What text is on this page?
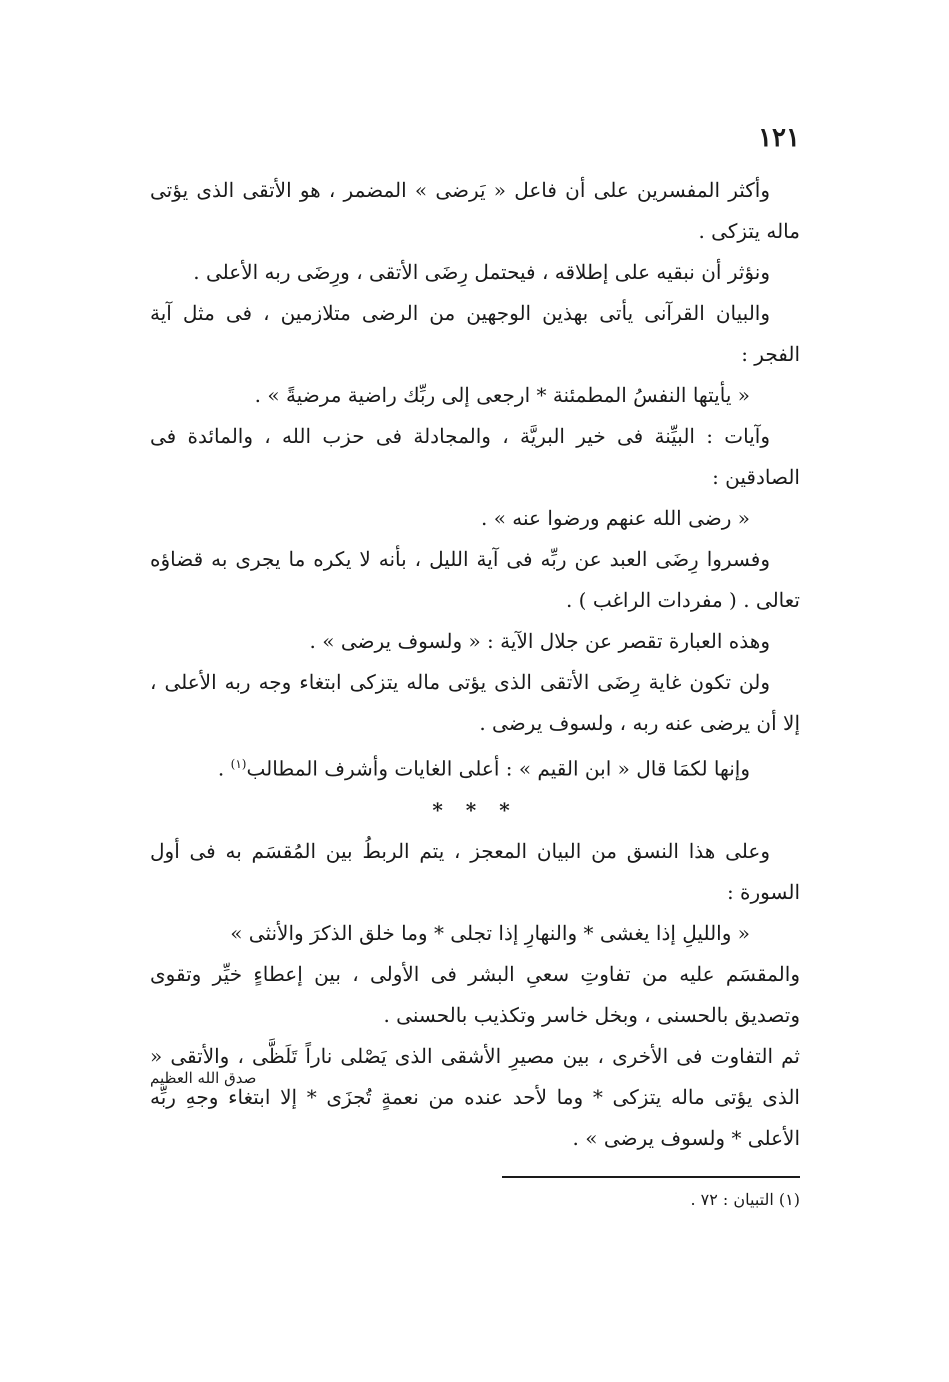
١٢١

وأكثر المفسرين على أن فاعل « يَرضى » المضمر ، هو الأتقى الذى يؤتى ماله يتزكى .

ونؤثر أن نبقيه على إطلاقه ، فيحتمل رِضَى الأتقى ، ورِضَى ربه الأعلى .

والبيان القرآنى يأتى بهذين الوجهين من الرضى متلازمين ، فى مثل آية الفجر :

« يأيتها النفسُ المطمئنة * ارجعى إلى ربِّك راضية مرضيةً » .

وآيات : البيِّنة فى خير البريَّة ، والمجادلة فى حزب الله ، والمائدة فى الصادقين :

« رضى الله عنهم ورضوا عنه » .

وفسروا رِضَى العبد عن ربِّه فى آية الليل ، بأنه لا يكره ما يجرى به قضاؤه تعالى . ( مفردات الراغب ) .

وهذه العبارة تقصر عن جلال الآية : « ولسوف يرضى » .

ولن تكون غاية رِضَى الأتقى الذى يؤتى ماله يتزكى ابتغاء وجه ربه الأعلى ، إلا أن يرضى عنه ربه ، ولسوف يرضى .

وإنها لكمَا قال « ابن القيم » : أعلى الغايات وأشرف المطالب$^{(١)}$ .

* * *

وعلى هذا النسق من البيان المعجز ، يتم الربطُ بين المُقسَم به فى أول السورة :

« والليلِ إذا يغشى * والنهارِ إذا تجلى * وما خلق الذكرَ والأنثى »

والمقسَم عليه من تفاوتِ سعىِ البشر فى الأولى ، بين إعطاءٍ خيِّر وتقوى وتصديق بالحسنى ، وبخل خاسر وتكذيب بالحسنى .

ثم التفاوت فى الأخرى ، بين مصيرِ الأشقى الذى يَصْلى ناراً تَلَظَّى ، والأتقى « الذى يؤتى ماله يتزكى * وما لأحد عنده من نعمةٍ تُجزَى * إلا ابتغاء وجهِ ربِّه الأعلى * ولسوف يرضى » .

صدق الله العظيم
(١) التبيان : ٧٢ .
